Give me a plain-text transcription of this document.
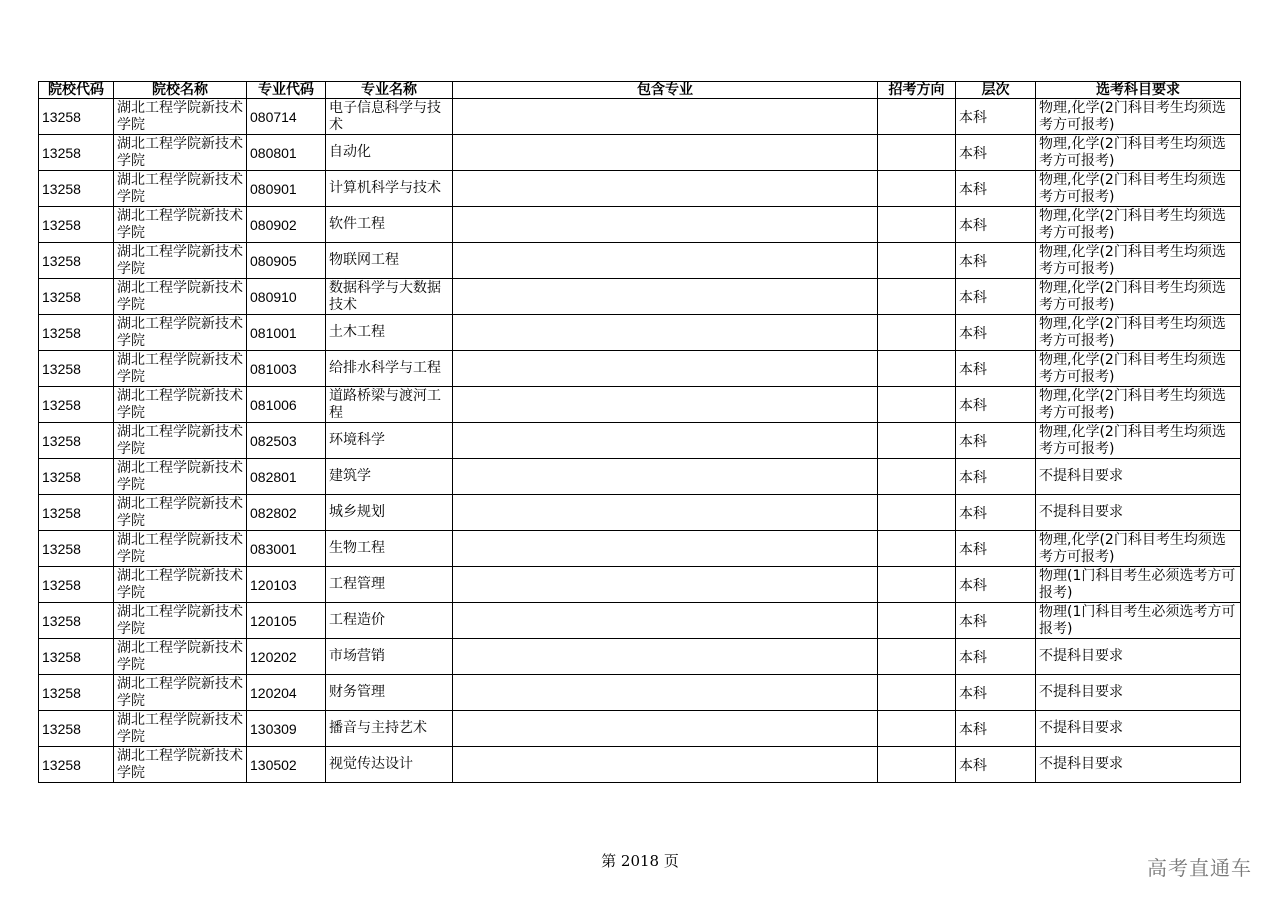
院校代码	院校名称	专业代码	专业名称	包含专业	招考方向	层次	选考科目要求
13258	湖北工程学院新技术学院	080714	电子信息科学与技术			本科	物理,化学(2门科目考生均须选考方可报考)
13258	湖北工程学院新技术学院	080801	自动化			本科	物理,化学(2门科目考生均须选考方可报考)
13258	湖北工程学院新技术学院	080901	计算机科学与技术			本科	物理,化学(2门科目考生均须选考方可报考)
13258	湖北工程学院新技术学院	080902	软件工程			本科	物理,化学(2门科目考生均须选考方可报考)
13258	湖北工程学院新技术学院	080905	物联网工程			本科	物理,化学(2门科目考生均须选考方可报考)
13258	湖北工程学院新技术学院	080910	数据科学与大数据技术			本科	物理,化学(2门科目考生均须选考方可报考)
13258	湖北工程学院新技术学院	081001	土木工程			本科	物理,化学(2门科目考生均须选考方可报考)
13258	湖北工程学院新技术学院	081003	给排水科学与工程			本科	物理,化学(2门科目考生均须选考方可报考)
13258	湖北工程学院新技术学院	081006	道路桥梁与渡河工程			本科	物理,化学(2门科目考生均须选考方可报考)
13258	湖北工程学院新技术学院	082503	环境科学			本科	物理,化学(2门科目考生均须选考方可报考)
13258	湖北工程学院新技术学院	082801	建筑学			本科	不提科目要求
13258	湖北工程学院新技术学院	082802	城乡规划			本科	不提科目要求
13258	湖北工程学院新技术学院	083001	生物工程			本科	物理,化学(2门科目考生均须选考方可报考)
13258	湖北工程学院新技术学院	120103	工程管理			本科	物理(1门科目考生必须选考方可报考)
13258	湖北工程学院新技术学院	120105	工程造价			本科	物理(1门科目考生必须选考方可报考)
13258	湖北工程学院新技术学院	120202	市场营销			本科	不提科目要求
13258	湖北工程学院新技术学院	120204	财务管理			本科	不提科目要求
13258	湖北工程学院新技术学院	130309	播音与主持艺术			本科	不提科目要求
13258	湖北工程学院新技术学院	130502	视觉传达设计			本科	不提科目要求
第 2018 页	高考直通车
